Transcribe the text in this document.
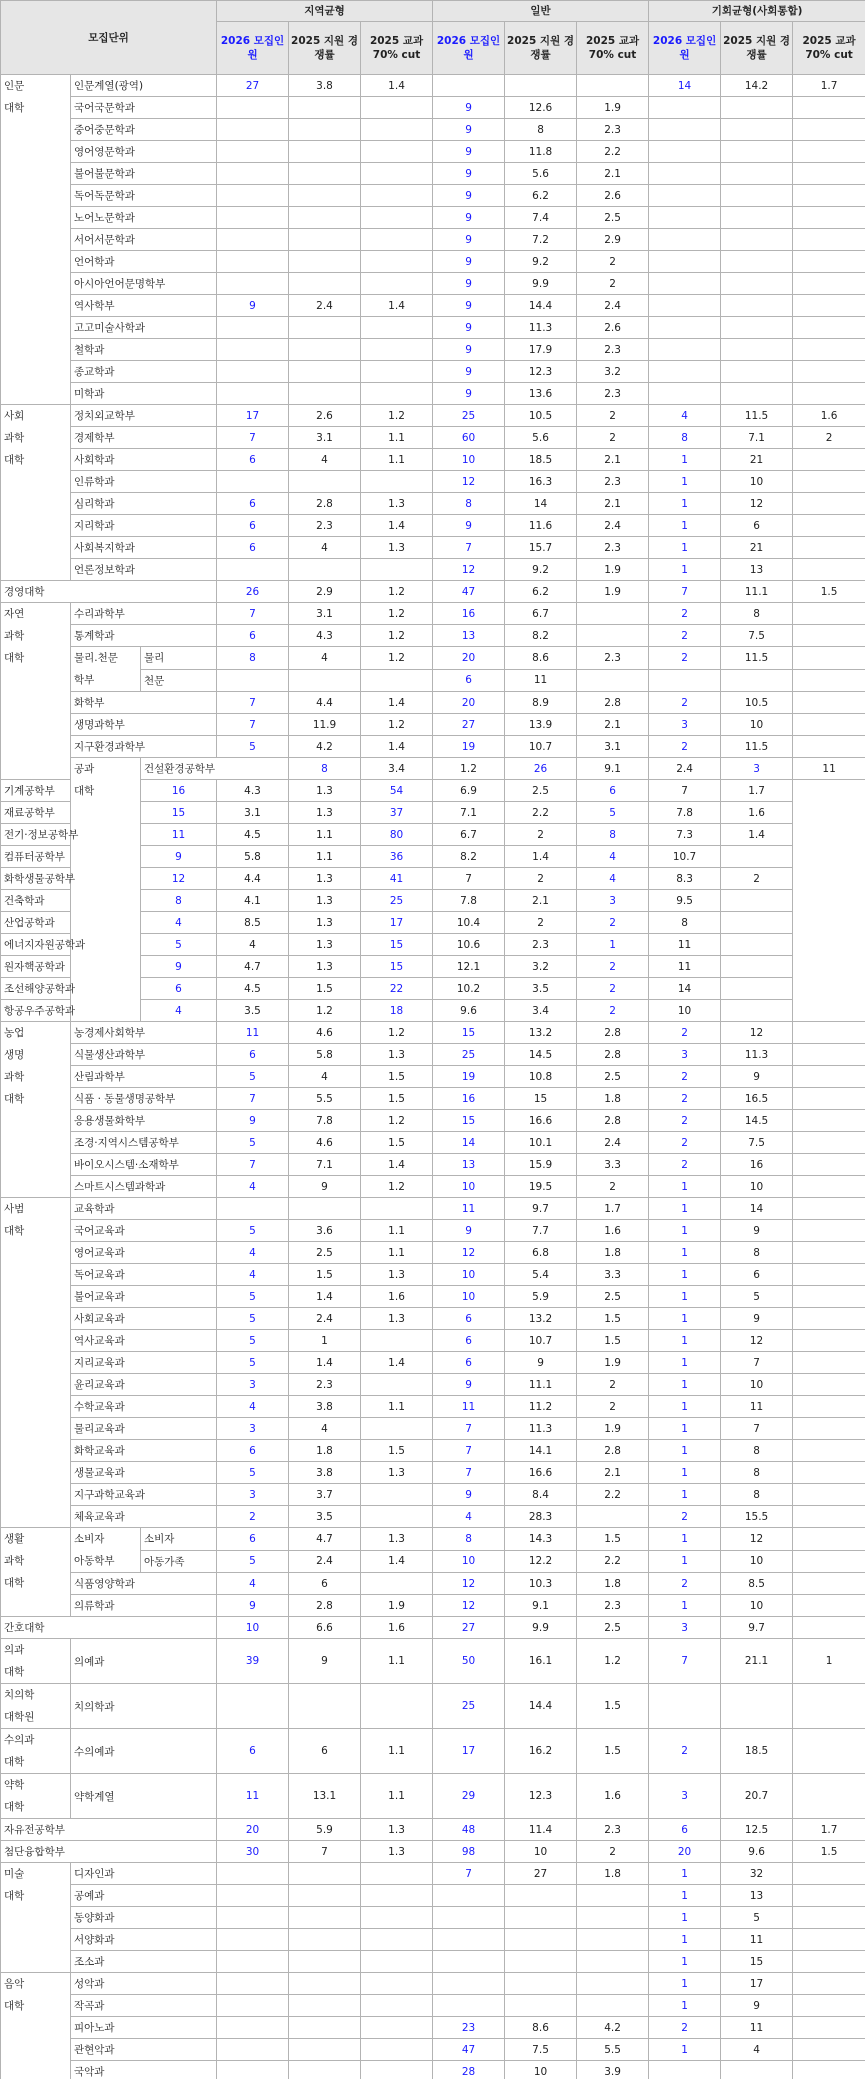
모집단위			지역균형			일반			기회균형(사회통합)			
			2026 모집인원	2025 지원 경쟁률	2025 교과 70% cut	2026 모집인원	2025 지원 경쟁률	2025 교과 70% cut	2026 모집인원	2025 지원 경쟁률	2025 교과 70% cut	
인문
대학	인문계열(광역)		27	3.8	1.4				14	14.2	1.7	
	국어국문학과					9	12.6	1.9				
	중어중문학과					9	8	2.3				
	영어영문학과					9	11.8	2.2				
	불어불문학과					9	5.6	2.1				
	독어독문학과					9	6.2	2.6				
	노어노문학과					9	7.4	2.5				
	서어서문학과					9	7.2	2.9				
	언어학과					9	9.2	2				
	아시아언어문명학부					9	9.9	2				
	역사학부		9	2.4	1.4	9	14.4	2.4				
	고고미술사학과					9	11.3	2.6				
	철학과					9	17.9	2.3				
	종교학과					9	12.3	3.2				
	미학과					9	13.6	2.3				
사회
과학
대학	정치외교학부		17	2.6	1.2	25	10.5	2	4	11.5	1.6	
	경제학부		7	3.1	1.1	60	5.6	2	8	7.1	2	
	사회학과		6	4	1.1	10	18.5	2.1	1	21		
	인류학과					12	16.3	2.3	1	10		
	심리학과		6	2.8	1.3	8	14	2.1	1	12		
	지리학과		6	2.3	1.4	9	11.6	2.4	1	6		
	사회복지학과		6	4	1.3	7	15.7	2.3	1	21		
	언론정보학과					12	9.2	1.9	1	13		
경영대학			26	2.9	1.2	47	6.2	1.9	7	11.1	1.5	
자연
과학
대학	수리과학부		7	3.1	1.2	16	6.7		2	8		
	통계학과		6	4.3	1.2	13	8.2		2	7.5		
	물리.천문
학부	물리	8	4	1.2	20	8.6	2.3	2	11.5		
		천문				6	11					
	화학부		7	4.4	1.4	20	8.9	2.8	2	10.5		
	생명과학부		7	11.9	1.2	27	13.9	2.1	3	10		
	지구환경과학부		5	4.2	1.4	19	10.7	3.1	2	11.5		
	공과
대학	건설환경공학부		8	3.4	1.2	26	9.1	2.4	3	11	
기계공학부		16	4.3	1.3	54	6.9	2.5	6	7	1.7		
재료공학부		15	3.1	1.3	37	7.1	2.2	5	7.8	1.6		
전기·정보공학부		11	4.5	1.1	80	6.7	2	8	7.3	1.4		
컴퓨터공학부		9	5.8	1.1	36	8.2	1.4	4	10.7			
화학생물공학부		12	4.4	1.3	41	7	2	4	8.3	2		
건축학과		8	4.1	1.3	25	7.8	2.1	3	9.5			
산업공학과		4	8.5	1.3	17	10.4	2	2	8			
에너지자원공학과		5	4	1.3	15	10.6	2.3	1	11			
원자핵공학과		9	4.7	1.3	15	12.1	3.2	2	11			
조선해양공학과		6	4.5	1.5	22	10.2	3.5	2	14			
항공우주공학과		4	3.5	1.2	18	9.6	3.4	2	10			
농업
생명
과학
대학	농경제사회학부		11	4.6	1.2	15	13.2	2.8	2	12		
	식물생산과학부		6	5.8	1.3	25	14.5	2.8	3	11.3		
	산림과학부		5	4	1.5	19	10.8	2.5	2	9		
	식품 · 동물생명공학부		7	5.5	1.5	16	15	1.8	2	16.5		
	응용생물화학부		9	7.8	1.2	15	16.6	2.8	2	14.5		
	조경·지역시스템공학부		5	4.6	1.5	14	10.1	2.4	2	7.5		
	바이오시스템·소재학부		7	7.1	1.4	13	15.9	3.3	2	16		
	스마트시스템과학과		4	9	1.2	10	19.5	2	1	10		
사범
대학	교육학과					11	9.7	1.7	1	14		
	국어교육과		5	3.6	1.1	9	7.7	1.6	1	9		
	영어교육과		4	2.5	1.1	12	6.8	1.8	1	8		
	독어교육과		4	1.5	1.3	10	5.4	3.3	1	6		
	불어교육과		5	1.4	1.6	10	5.9	2.5	1	5		
	사회교육과		5	2.4	1.3	6	13.2	1.5	1	9		
	역사교육과		5	1		6	10.7	1.5	1	12		
	지리교육과		5	1.4	1.4	6	9	1.9	1	7		
	윤리교육과		3	2.3		9	11.1	2	1	10		
	수학교육과		4	3.8	1.1	11	11.2	2	1	11		
	물리교육과		3	4		7	11.3	1.9	1	7		
	화학교육과		6	1.8	1.5	7	14.1	2.8	1	8		
	생물교육과		5	3.8	1.3	7	16.6	2.1	1	8		
	지구과학교육과		3	3.7		9	8.4	2.2	1	8		
	체육교육과		2	3.5		4	28.3		2	15.5		
생활
과학
대학	소비자
아동학부	소비자	6	4.7	1.3	8	14.3	1.5	1	12		
		아동가족	5	2.4	1.4	10	12.2	2.2	1	10		
	식품영양학과		4	6		12	10.3	1.8	2	8.5		
	의류학과		9	2.8	1.9	12	9.1	2.3	1	10		
간호대학			10	6.6	1.6	27	9.9	2.5	3	9.7		
의과
대학	의예과		39	9	1.1	50	16.1	1.2	7	21.1	1	
치의학
대학원	치의학과					25	14.4	1.5				
수의과
대학	수의예과		6	6	1.1	17	16.2	1.5	2	18.5		
약학
대학	약학계열		11	13.1	1.1	29	12.3	1.6	3	20.7		
자유전공학부			20	5.9	1.3	48	11.4	2.3	6	12.5	1.7	
첨단융합학부			30	7	1.3	98	10	2	20	9.6	1.5	
미술
대학	디자인과					7	27	1.8	1	32		
	공예과								1	13		
	동양화과								1	5		
	서양화과								1	11		
	조소과								1	15		
음악
대학	성악과								1	17		
	작곡과								1	9		
	피아노과					23	8.6	4.2	2	11		
	관현악과					47	7.5	5.5	1	4		
	국악과					28	10	3.9				
